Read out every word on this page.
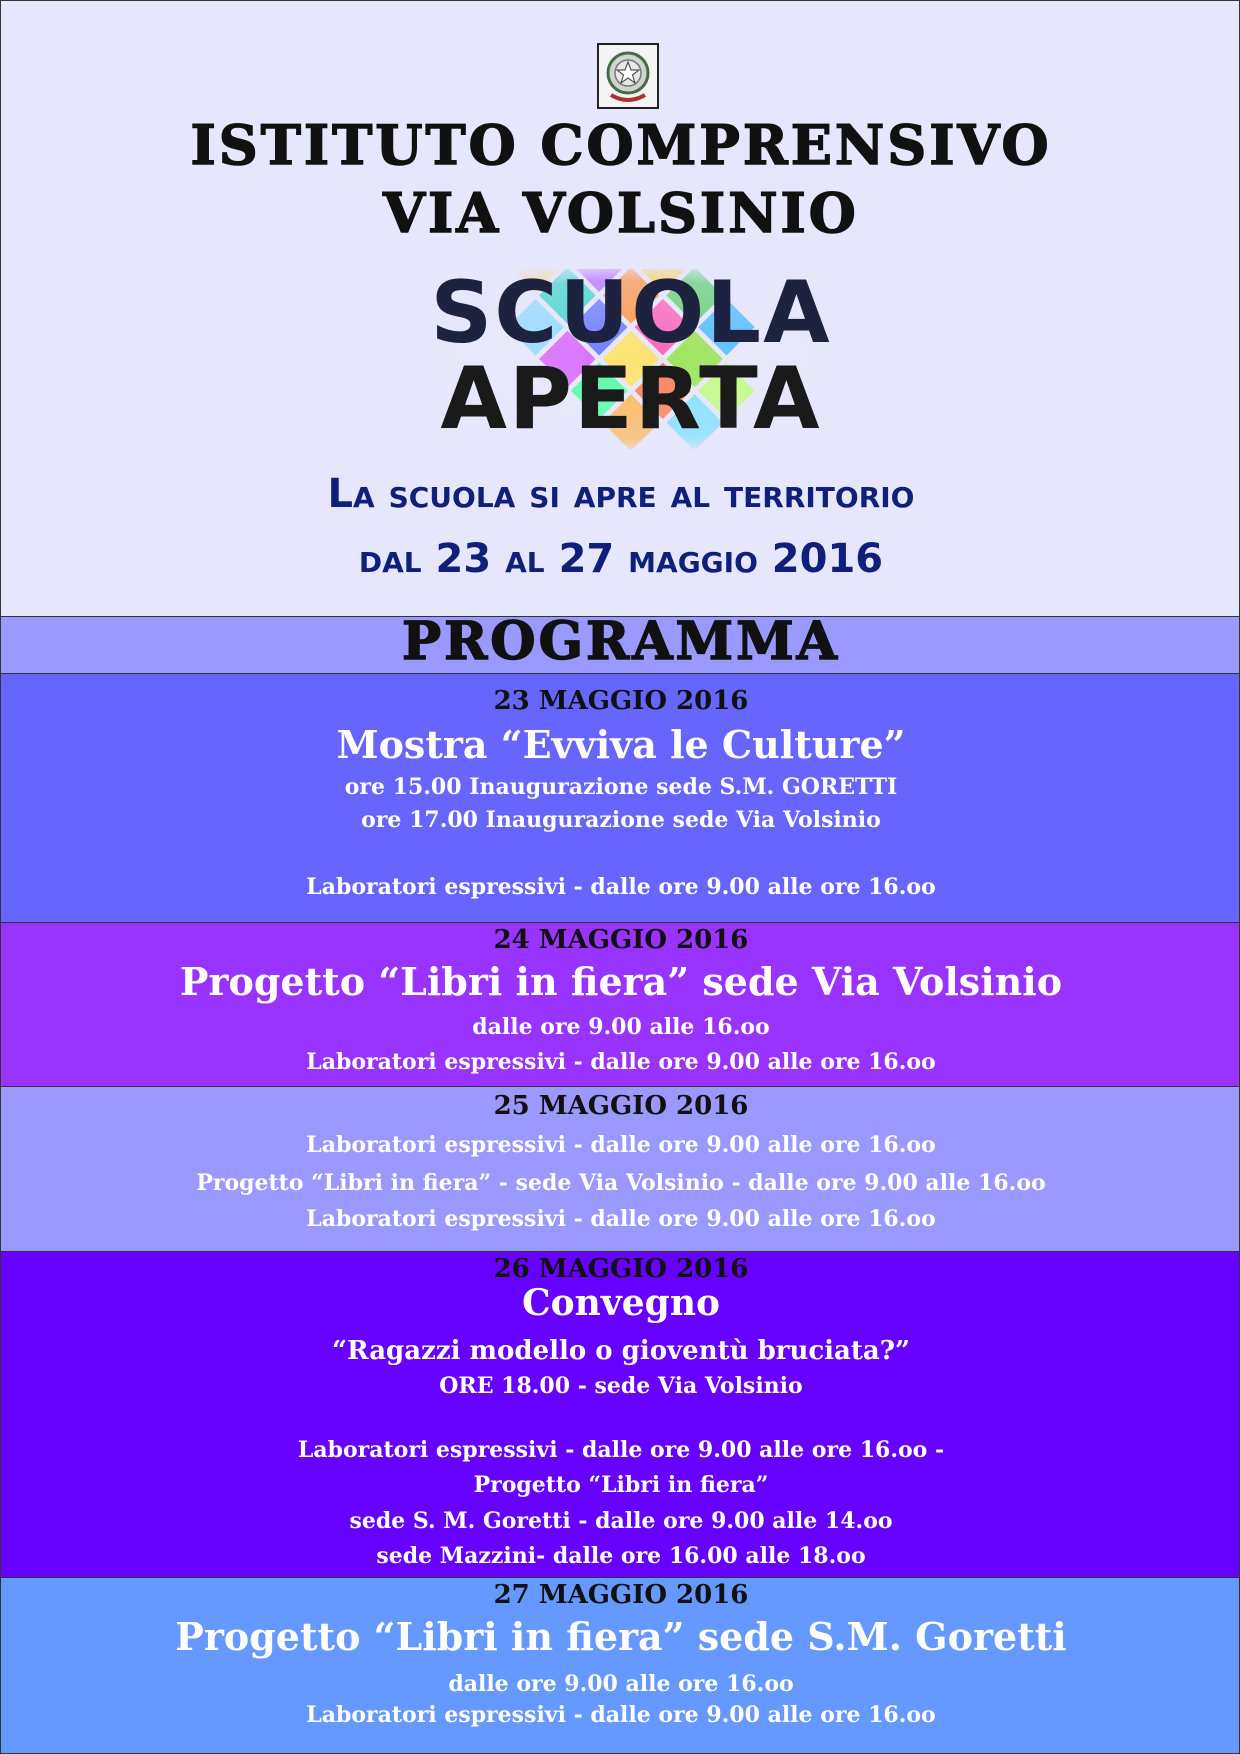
ISTITUTO COMPRENSIVO
VIA VOLSINIO
SCUOLA
APERTA
La scuola si apre al territorio
dal 23 al 27 maggio 2016
PROGRAMMA
23 MAGGIO 2016
Mostra “Evviva le Culture”
ore 15.00 Inaugurazione sede S.M. GORETTI
ore 17.00 Inaugurazione sede Via Volsinio
Laboratori espressivi - dalle ore 9.00 alle ore 16.oo
24 MAGGIO 2016
Progetto “Libri in fiera” sede Via Volsinio
dalle ore 9.00 alle 16.oo
Laboratori espressivi - dalle ore 9.00 alle ore 16.oo
25 MAGGIO 2016
Laboratori espressivi - dalle ore 9.00 alle ore 16.oo
Progetto “Libri in fiera” - sede Via Volsinio - dalle ore 9.00 alle 16.oo
Laboratori espressivi - dalle ore 9.00 alle ore 16.oo
26 MAGGIO 2016
Convegno
“Ragazzi modello o gioventù bruciata?”
ORE 18.00 - sede Via Volsinio
Laboratori espressivi - dalle ore 9.00 alle ore 16.oo -
Progetto “Libri in fiera”
sede S. M. Goretti - dalle ore 9.00 alle 14.oo
sede Mazzini- dalle ore 16.00 alle 18.oo
27 MAGGIO 2016
Progetto “Libri in fiera” sede S.M. Goretti
dalle ore 9.00 alle ore 16.oo
Laboratori espressivi - dalle ore 9.00 alle ore 16.oo
